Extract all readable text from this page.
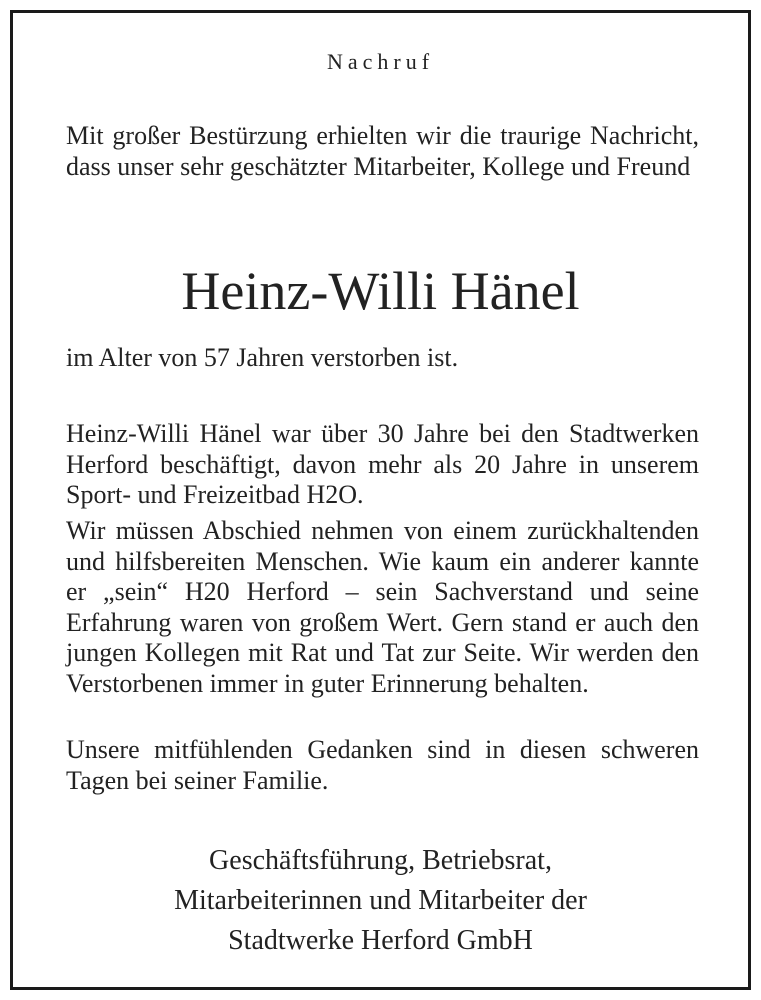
Nachruf
Mit großer Bestürzung erhielten wir die traurige Nachricht, dass unser sehr geschätzter Mitarbeiter, Kollege und Freund
Heinz-Willi Hänel
im Alter von 57 Jahren verstorben ist.
Heinz-Willi Hänel war über 30 Jahre bei den Stadtwerken Herford beschäftigt, davon mehr als 20 Jahre in unserem Sport- und Freizeitbad H2O.
Wir müssen Abschied nehmen von einem zurückhaltenden und hilfsbereiten Menschen. Wie kaum ein anderer kannte er „sein“ H20 Herford – sein Sachverstand und seine Erfahrung waren von großem Wert. Gern stand er auch den jungen Kollegen mit Rat und Tat zur Seite. Wir werden den Verstorbenen immer in guter Erinnerung behalten.
Unsere mitfühlenden Gedanken sind in diesen schweren Tagen bei seiner Familie.
Geschäftsführung, Betriebsrat,
Mitarbeiterinnen und Mitarbeiter der
Stadtwerke Herford GmbH
